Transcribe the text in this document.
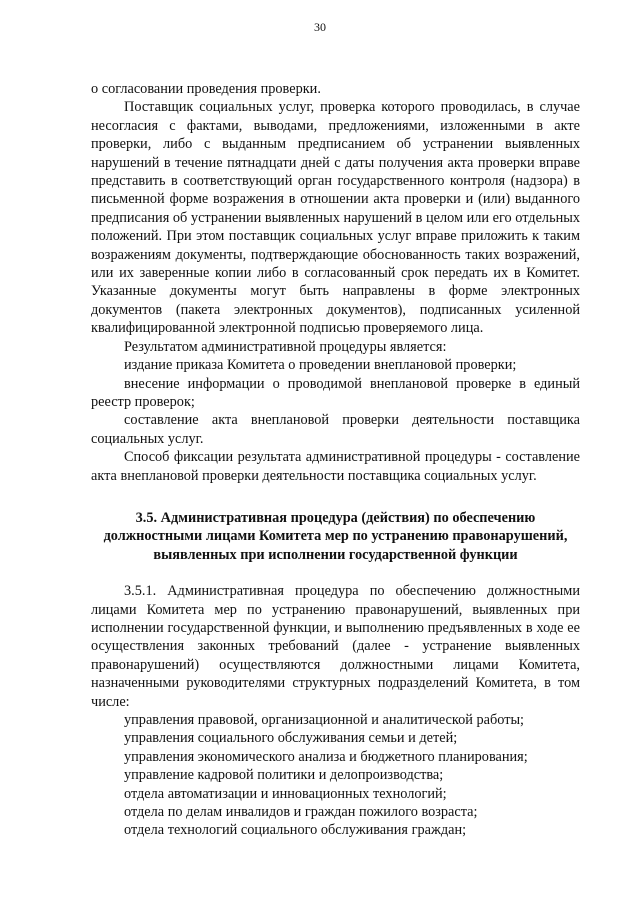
30

о согласовании проведения проверки.

Поставщик социальных услуг, проверка которого проводилась, в случае несогласия с фактами, выводами, предложениями, изложенными в акте проверки, либо с выданным предписанием об устранении выявленных нарушений в течение пятнадцати дней с даты получения акта проверки вправе представить в соответствующий орган государственного контроля (надзора) в письменной форме возражения в отношении акта проверки и (или) выданного предписания об устранении выявленных нарушений в целом или его отдельных положений. При этом поставщик социальных услуг вправе приложить к таким возражениям документы, подтверждающие обоснованность таких возражений, или их заверенные копии либо в согласованный срок передать их в Комитет. Указанные документы могут быть направлены в форме электронных документов (пакета электронных документов), подписанных усиленной квалифицированной электронной подписью проверяемого лица.

Результатом административной процедуры является:

издание приказа Комитета о проведении внеплановой проверки;

внесение информации о проводимой внеплановой проверке в единый реестр проверок;

составление акта внеплановой проверки деятельности поставщика социальных услуг.

Способ фиксации результата административной процедуры - составление акта внеплановой проверки деятельности поставщика социальных услуг.

3.5. Административная процедура (действия) по обеспечению должностными лицами Комитета мер по устранению правонарушений, выявленных при исполнении государственной функции

3.5.1. Административная процедура по обеспечению должностными лицами Комитета мер по устранению правонарушений, выявленных при исполнении государственной функции, и выполнению предъявленных в ходе ее осуществления законных требований (далее - устранение выявленных правонарушений) осуществляются должностными лицами Комитета, назначенными руководителями структурных подразделений Комитета, в том числе:

управления правовой, организационной и аналитической работы;

управления социального обслуживания семьи и детей;

управления экономического анализа и бюджетного планирования;

управление кадровой политики и делопроизводства;

отдела автоматизации и инновационных технологий;

отдела по делам инвалидов и граждан пожилого возраста;

отдела технологий социального обслуживания граждан;
